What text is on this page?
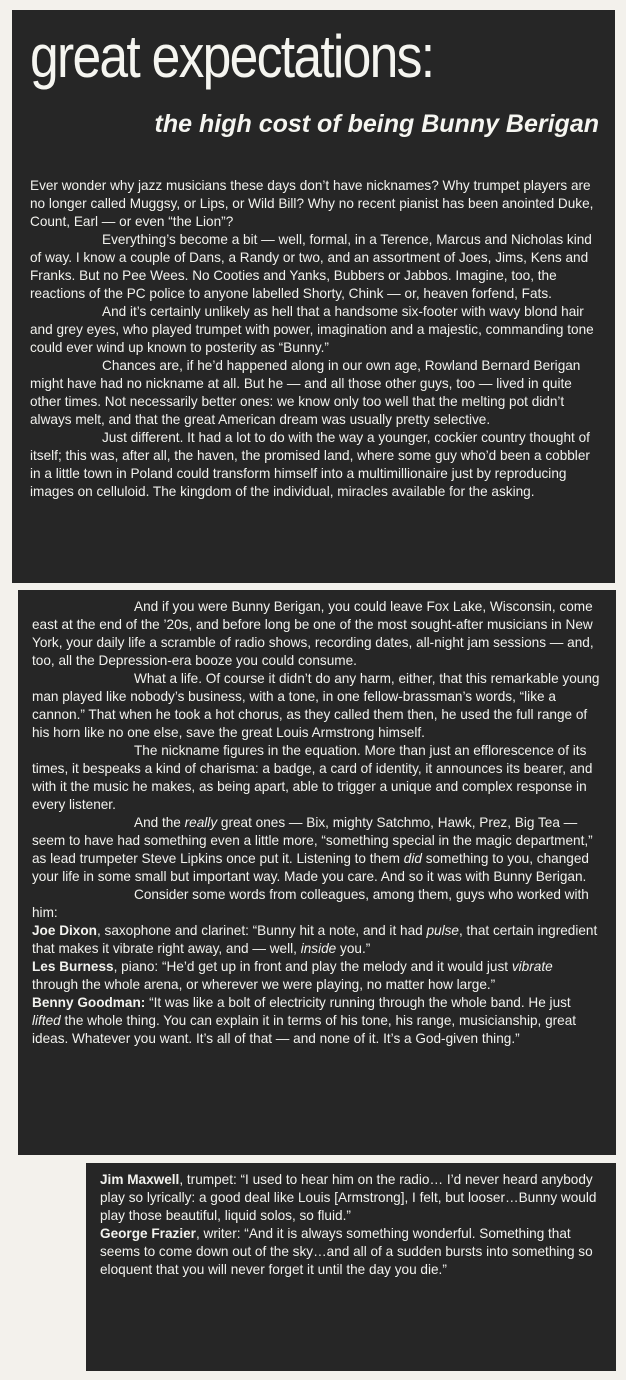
great expectations:
the high cost of being Bunny Berigan

Ever wonder why jazz musicians these days don’t have nicknames? Why trumpet players are no longer called Muggsy, or Lips, or Wild Bill? Why no recent pianist has been anointed Duke, Count, Earl — or even “the Lion”?

Everything’s become a bit — well, formal, in a Terence, Marcus and Nicholas kind of way. I know a couple of Dans, a Randy or two, and an assortment of Joes, Jims, Kens and Franks. But no Pee Wees. No Cooties and Yanks, Bubbers or Jabbos. Imagine, too, the reactions of the PC police to anyone labelled Shorty, Chink — or, heaven forfend, Fats.

And it’s certainly unlikely as hell that a handsome six-footer with wavy blond hair and grey eyes, who played trumpet with power, imagination and a majestic, commanding tone could ever wind up known to posterity as “Bunny.”

Chances are, if he’d happened along in our own age, Rowland Bernard Berigan might have had no nickname at all. But he — and all those other guys, too — lived in quite other times. Not necessarily better ones: we know only too well that the melting pot didn’t always melt, and that the great American dream was usually pretty selective.

Just different. It had a lot to do with the way a younger, cockier country thought of itself; this was, after all, the haven, the promised land, where some guy who’d been a cobbler in a little town in Poland could transform himself into a multimillionaire just by reproducing images on celluloid. The kingdom of the individual, miracles available for the asking.

And if you were Bunny Berigan, you could leave Fox Lake, Wisconsin, come east at the end of the ’20s, and before long be one of the most sought-after musicians in New York, your daily life a scramble of radio shows, recording dates, all-night jam sessions — and, too, all the Depression-era booze you could consume.

What a life. Of course it didn’t do any harm, either, that this remarkable young man played like nobody’s business, with a tone, in one fellow-brassman’s words, “like a cannon.” That when he took a hot chorus, as they called them then, he used the full range of his horn like no one else, save the great Louis Armstrong himself.

The nickname figures in the equation. More than just an efflorescence of its times, it bespeaks a kind of charisma: a badge, a card of identity, it announces its bearer, and with it the music he makes, as being apart, able to trigger a unique and complex response in every listener.

And the really great ones — Bix, mighty Satchmo, Hawk, Prez, Big Tea — seem to have had something even a little more, “something special in the magic department,” as lead trumpeter Steve Lipkins once put it. Listening to them did something to you, changed your life in some small but important way. Made you care. And so it was with Bunny Berigan.

Consider some words from colleagues, among them, guys who worked with him:

Joe Dixon, saxophone and clarinet: “Bunny hit a note, and it had pulse, that certain ingredient that makes it vibrate right away, and — well, inside you.”

Les Burness, piano: “He’d get up in front and play the melody and it would just vibrate through the whole arena, or wherever we were playing, no matter how large.”

Benny Goodman: “It was like a bolt of electricity running through the whole band. He just lifted the whole thing. You can explain it in terms of his tone, his range, musicianship, great ideas. Whatever you want. It’s all of that — and none of it. It’s a God-given thing.”

Jim Maxwell, trumpet: “I used to hear him on the radio… I’d never heard anybody play so lyrically: a good deal like Louis [Armstrong], I felt, but looser…Bunny would play those beautiful, liquid solos, so fluid.”

George Frazier, writer: “And it is always something wonderful. Something that seems to come down out of the sky…and all of a sudden bursts into something so eloquent that you will never forget it until the day you die.”
